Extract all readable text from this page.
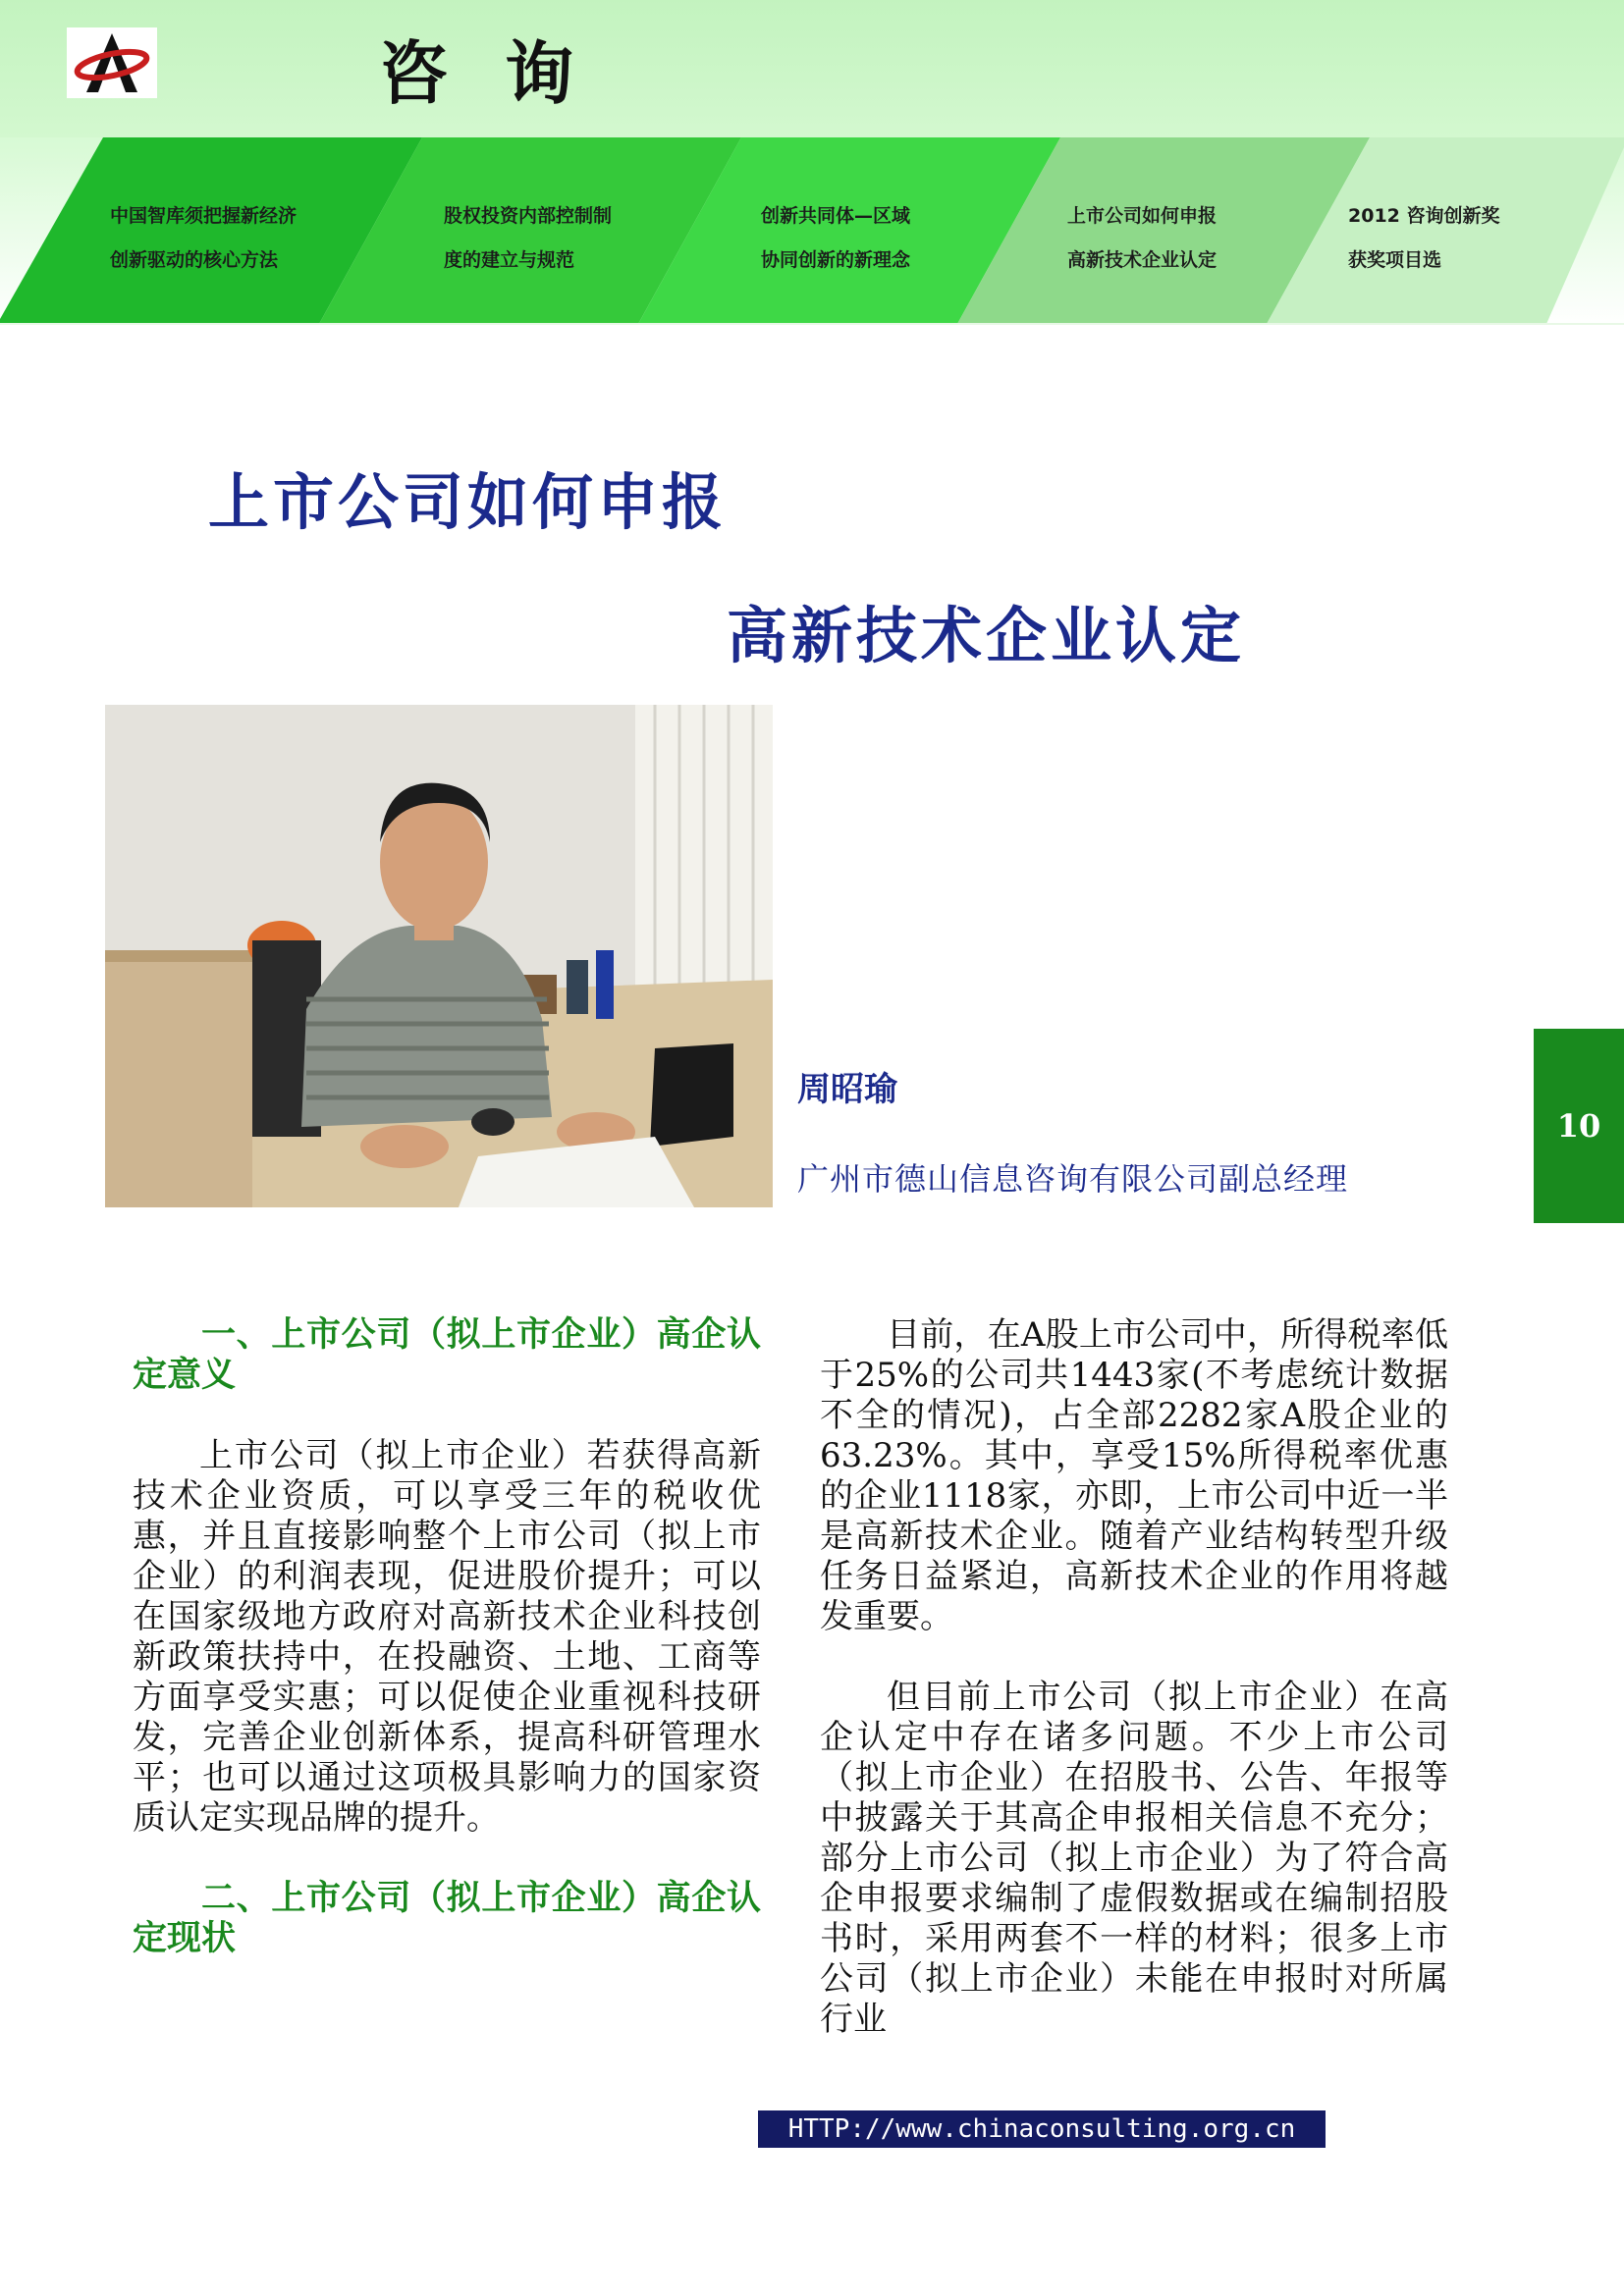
咨询
中国智库须把握新经济
创新驱动的核心方法
股权投资内部控制制
度的建立与规范
创新共同体—区域
协同创新的新理念
上市公司如何申报
高新技术企业认定
2012 咨询创新奖
获奖项目选
上市公司如何申报
高新技术企业认定
周昭瑜
广州市德山信息咨询有限公司副总经理
10
一、上市公司（拟上市企业）高企认定意义

上市公司（拟上市企业）若获得高新技术企业资质，可以享受三年的税收优惠，并且直接影响整个上市公司（拟上市企业）的利润表现，促进股价提升；可以在国家级地方政府对高新技术企业科技创新政策扶持中，在投融资、土地、工商等方面享受实惠；可以促使企业重视科技研发，完善企业创新体系，提高科研管理水平；也可以通过这项极具影响力的国家资质认定实现品牌的提升。

二、上市公司（拟上市企业）高企认定现状

目前，在A股上市公司中，所得税率低于25%的公司共1443家(不考虑统计数据不全的情况)，占全部2282家A股企业的63.23%。其中，享受15%所得税率优惠的企业1118家，亦即，上市公司中近一半是高新技术企业。随着产业结构转型升级任务日益紧迫，高新技术企业的作用将越发重要。

但目前上市公司（拟上市企业）在高企认定中存在诸多问题。不少上市公司（拟上市企业）在招股书、公告、年报等中披露关于其高企申报相关信息不充分；部分上市公司（拟上市企业）为了符合高企申报要求编制了虚假数据或在编制招股书时，采用两套不一样的材料；很多上市公司（拟上市企业）未能在申报时对所属行业

HTTP://www.chinaconsulting.org.cn
